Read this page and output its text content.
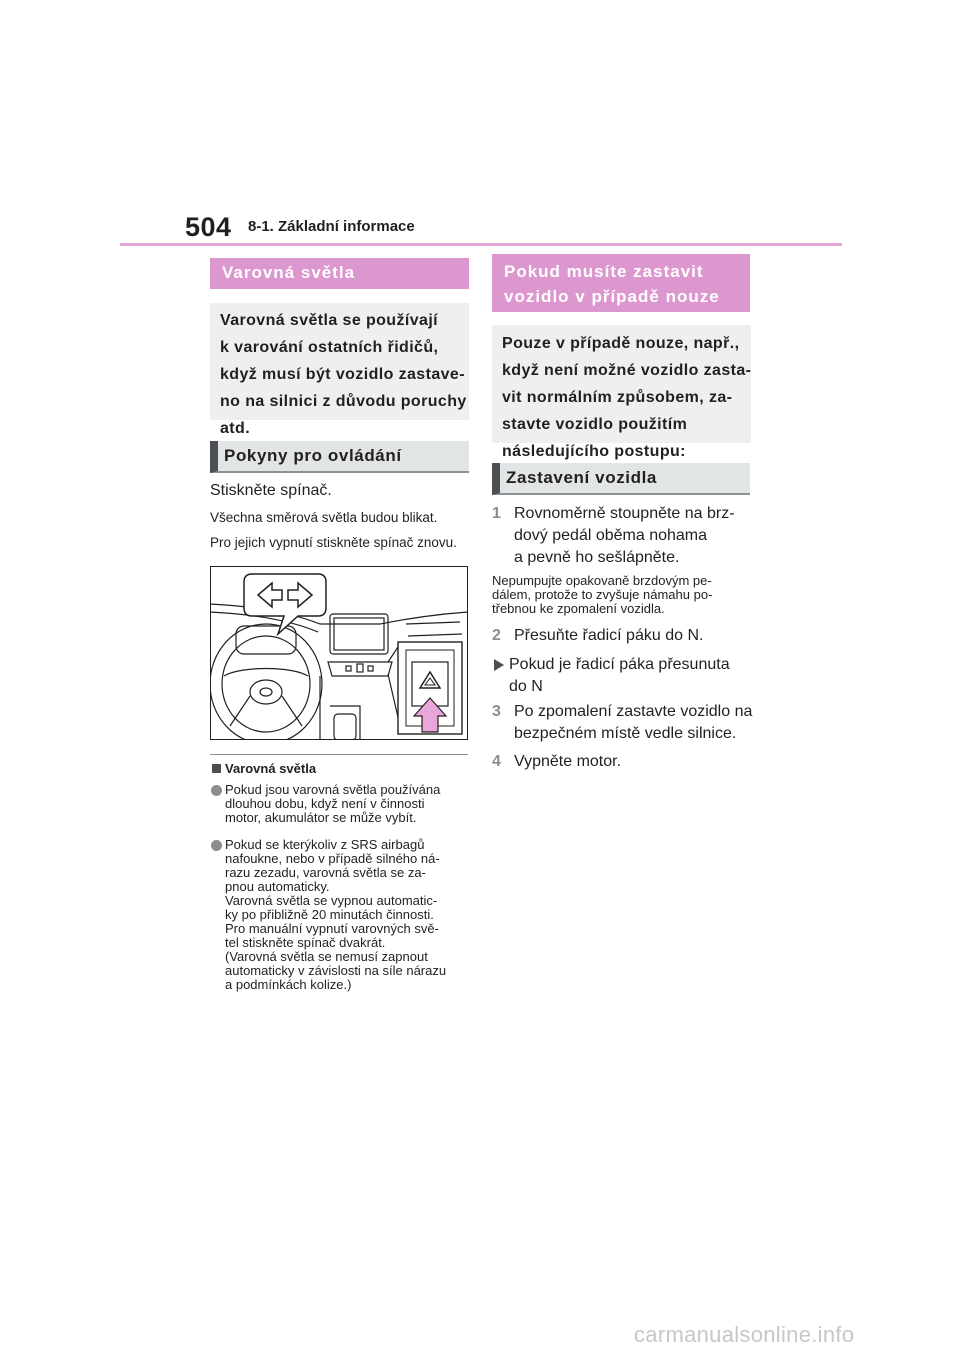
504 8-1. Základní informace
Varovná světla
Varovná světla se používají
k varování ostatních řidičů,
když musí být vozidlo zastave-
no na silnici z důvodu poruchy
atd.
Pokyny pro ovládání
Stiskněte spínač.
Všechna směrová světla budou blikat.
Pro jejich vypnutí stiskněte spínač znovu.
Varovná světla
Pokud jsou varovná světla používána
dlouhou dobu, když není v činnosti
motor, akumulátor se může vybít.
Pokud se kterýkoliv z SRS airbagů
nafoukne, nebo v případě silného ná-
razu zezadu, varovná světla se za-
pnou automaticky.
Varovná světla se vypnou automatic-
ky po přibližně 20 minutách činnosti.
Pro manuální vypnutí varovných svě-
tel stiskněte spínač dvakrát.
(Varovná světla se nemusí zapnout
automaticky v závislosti na síle nárazu
a podmínkách kolize.)
Pokud musíte zastavit
vozidlo v případě nouze
Pouze v případě nouze, např.,
když není možné vozidlo zasta-
vit normálním způsobem, za-
stavte vozidlo použitím
následujícího postupu:
Zastavení vozidla
1 Rovnoměrně stoupněte na brz-
dový pedál oběma nohama
a pevně ho sešlápněte.
Nepumpujte opakovaně brzdovým pe-
dálem, protože to zvyšuje námahu po-
třebnou ke zpomalení vozidla.
2 Přesuňte řadicí páku do N.
Pokud je řadicí páka přesunuta
do N
3 Po zpomalení zastavte vozidlo na
bezpečném místě vedle silnice.
4 Vypněte motor.
carmanualsonline.info
